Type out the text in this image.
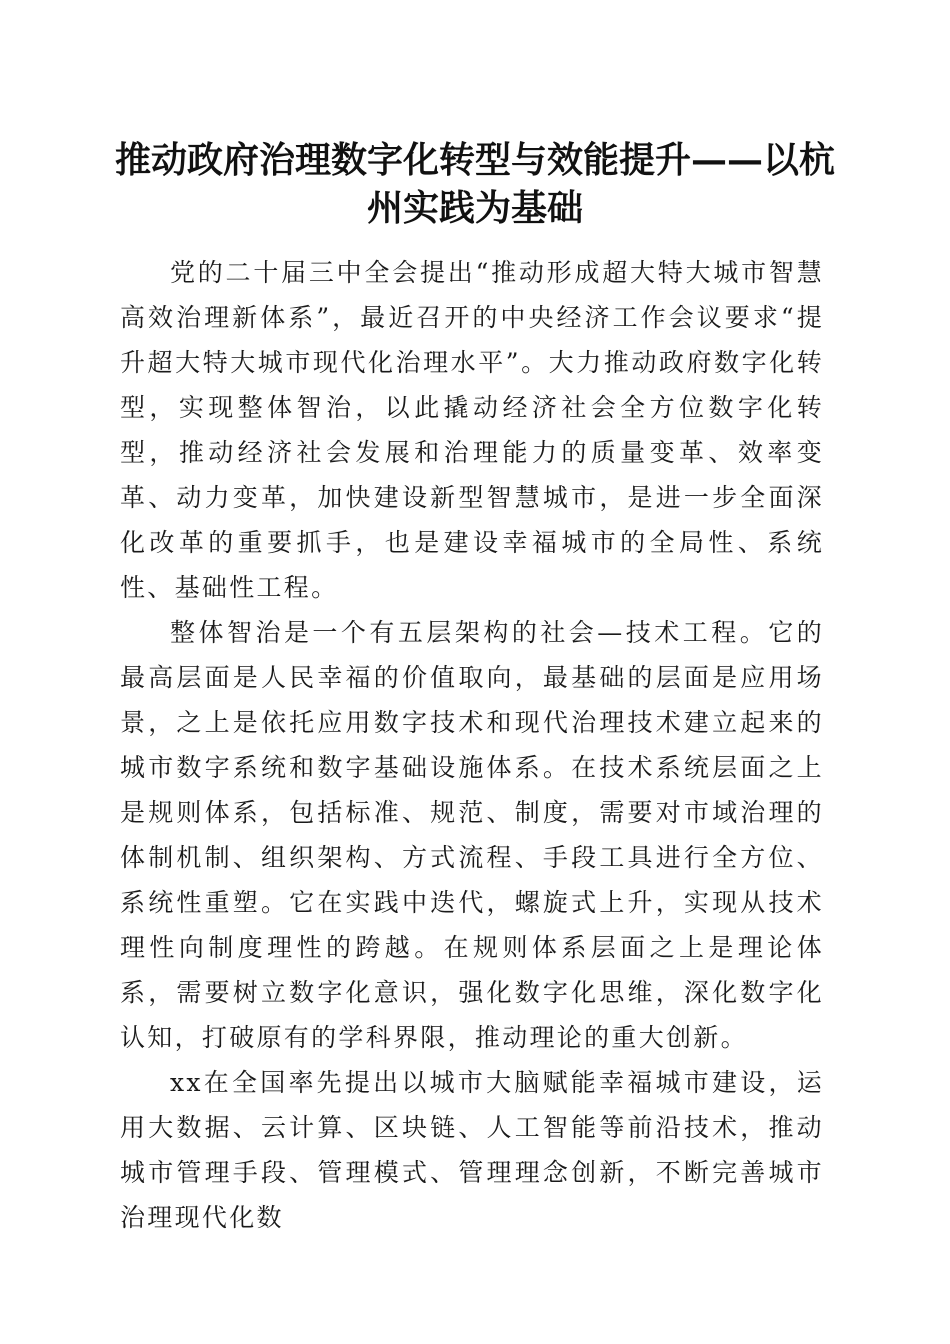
推动政府治理数字化转型与效能提升——以杭州实践为基础

党的二十届三中全会提出“推动形成超大特大城市智慧高效治理新体系”，最近召开的中央经济工作会议要求“提升超大特大城市现代化治理水平”。大力推动政府数字化转型，实现整体智治，以此撬动经济社会全方位数字化转型，推动经济社会发展和治理能力的质量变革、效率变革、动力变革，加快建设新型智慧城市，是进一步全面深化改革的重要抓手，也是建设幸福城市的全局性、系统性、基础性工程。

整体智治是一个有五层架构的社会—技术工程。它的最高层面是人民幸福的价值取向，最基础的层面是应用场景，之上是依托应用数字技术和现代治理技术建立起来的城市数字系统和数字基础设施体系。在技术系统层面之上是规则体系，包括标准、规范、制度，需要对市域治理的体制机制、组织架构、方式流程、手段工具进行全方位、系统性重塑。它在实践中迭代，螺旋式上升，实现从技术理性向制度理性的跨越。在规则体系层面之上是理论体系，需要树立数字化意识，强化数字化思维，深化数字化认知，打破原有的学科界限，推动理论的重大创新。

xx在全国率先提出以城市大脑赋能幸福城市建设，运用大数据、云计算、区块链、人工智能等前沿技术，推动城市管理手段、管理模式、管理理念创新，不断完善城市治理现代化数
